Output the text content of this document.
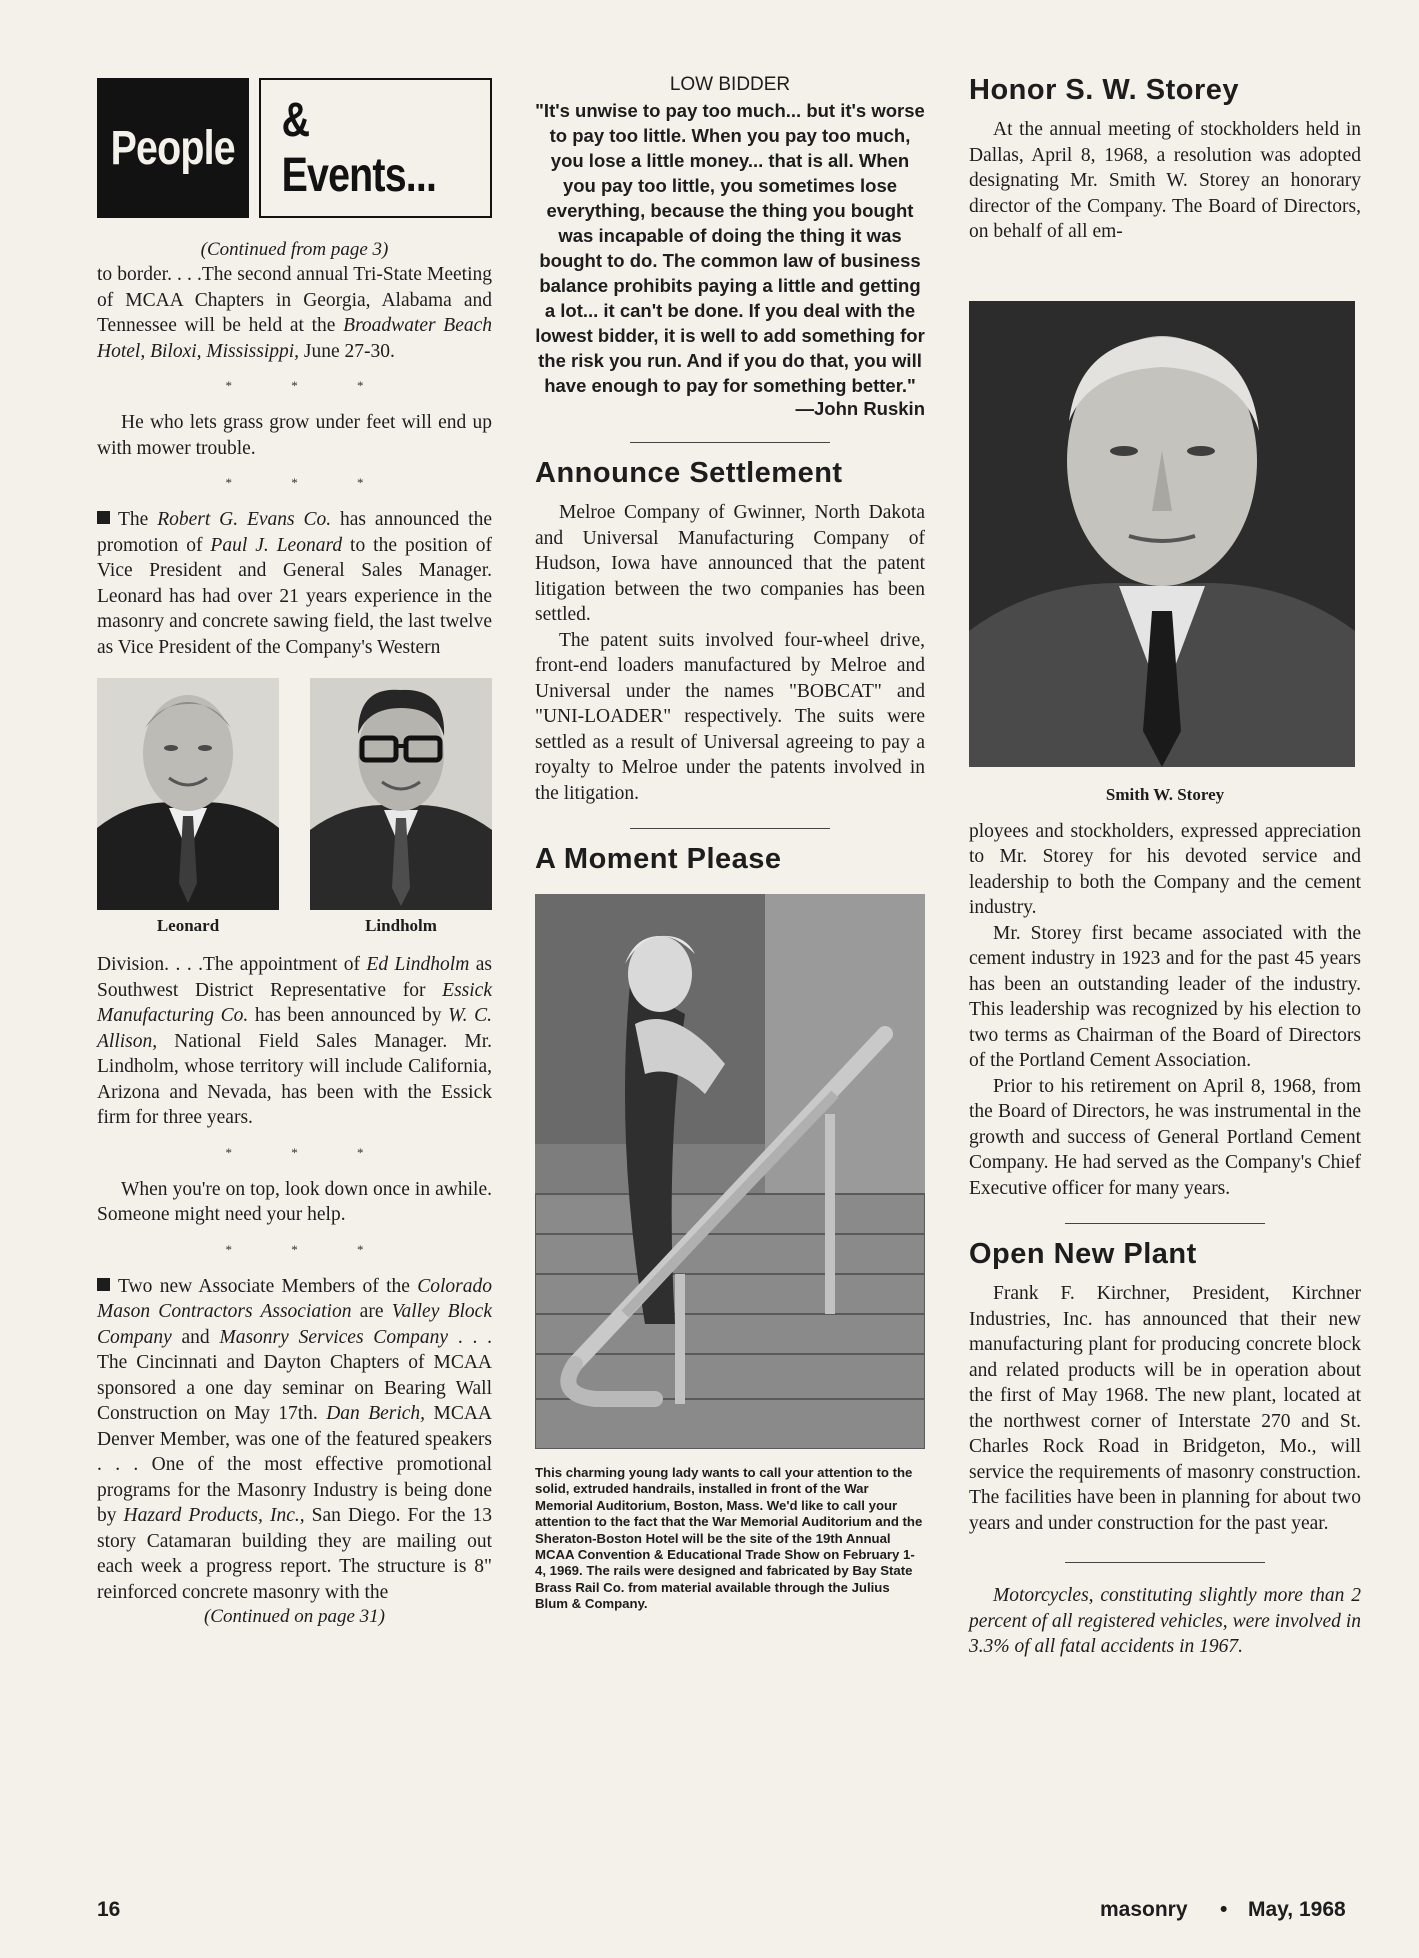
People
& Events...
(Continued from page 3)

to border. . . .The second annual Tri-State Meeting of MCAA Chapters in Georgia, Alabama and Tennessee will be held at the Broadwater Beach Hotel, Biloxi, Mississippi, June 27-30.

* * *

He who lets grass grow under feet will end up with mower trouble.

* * *

The Robert G. Evans Co. has announced the promotion of Paul J. Leonard to the position of Vice President and General Sales Manager. Leonard has had over 21 years experience in the masonry and concrete sawing field, the last twelve as Vice President of the Company's Western

Leonard	Lindholm

Division. . . .The appointment of Ed Lindholm as Southwest District Representative for Essick Manufacturing Co. has been announced by W. C. Allison, National Field Sales Manager. Mr. Lindholm, whose territory will include California, Arizona and Nevada, has been with the Essick firm for three years.

* * *

When you're on top, look down once in awhile. Someone might need your help.

* * *

Two new Associate Members of the Colorado Mason Contractors Association are Valley Block Company and Masonry Services Company . . . The Cincinnati and Dayton Chapters of MCAA sponsored a one day seminar on Bearing Wall Construction on May 17th. Dan Berich, MCAA Denver Member, was one of the featured speakers . . . One of the most effective promotional programs for the Masonry Industry is being done by Hazard Products, Inc., San Diego. For the 13 story Catamaran building they are mailing out each week a progress report. The structure is 8" reinforced concrete masonry with the

(Continued on page 31)
LOW BIDDER
"It's unwise to pay too much... but it's worse to pay too little. When you pay too much, you lose a little money... that is all. When you pay too little, you sometimes lose everything, because the thing you bought was incapable of doing the thing it was bought to do. The common law of business balance prohibits paying a little and getting a lot... it can't be done. If you deal with the lowest bidder, it is well to add something for the risk you run. And if you do that, you will have enough to pay for something better."
—John Ruskin
Announce Settlement

Melroe Company of Gwinner, North Dakota and Universal Manufacturing Company of Hudson, Iowa have announced that the patent litigation between the two companies has been settled.

The patent suits involved four-wheel drive, front-end loaders manufactured by Melroe and Universal under the names "BOBCAT" and "UNI-LOADER" respectively. The suits were settled as a result of Universal agreeing to pay a royalty to Melroe under the patents involved in the litigation.

A Moment Please
This charming young lady wants to call your attention to the solid, extruded handrails, installed in front of the War Memorial Auditorium, Boston, Mass. We'd like to call your attention to the fact that the War Memorial Auditorium and the Sheraton-Boston Hotel will be the site of the 19th Annual MCAA Convention & Educational Trade Show on February 1-4, 1969. The rails were designed and fabricated by Bay State Brass Rail Co. from material available through the Julius Blum & Company.
Honor S. W. Storey

At the annual meeting of stockholders held in Dallas, April 8, 1968, a resolution was adopted designating Mr. Smith W. Storey an honorary director of the Company. The Board of Directors, on behalf of all em-

Smith W. Storey

ployees and stockholders, expressed appreciation to Mr. Storey for his devoted service and leadership to both the Company and the cement industry.

Mr. Storey first became associated with the cement industry in 1923 and for the past 45 years has been an outstanding leader of the industry. This leadership was recognized by his election to two terms as Chairman of the Board of Directors of the Portland Cement Association.

Prior to his retirement on April 8, 1968, from the Board of Directors, he was instrumental in the growth and success of General Portland Cement Company. He had served as the Company's Chief Executive officer for many years.

Open New Plant

Frank F. Kirchner, President, Kirchner Industries, Inc. has announced that their new manufacturing plant for producing concrete block and related products will be in operation about the first of May 1968. The new plant, located at the northwest corner of Interstate 270 and St. Charles Rock Road in Bridgeton, Mo., will service the requirements of masonry construction. The facilities have been in planning for about two years and under construction for the past year.

Motorcycles, constituting slightly more than 2 percent of all registered vehicles, were involved in 3.3% of all fatal accidents in 1967.

16	masonry • May, 1968
